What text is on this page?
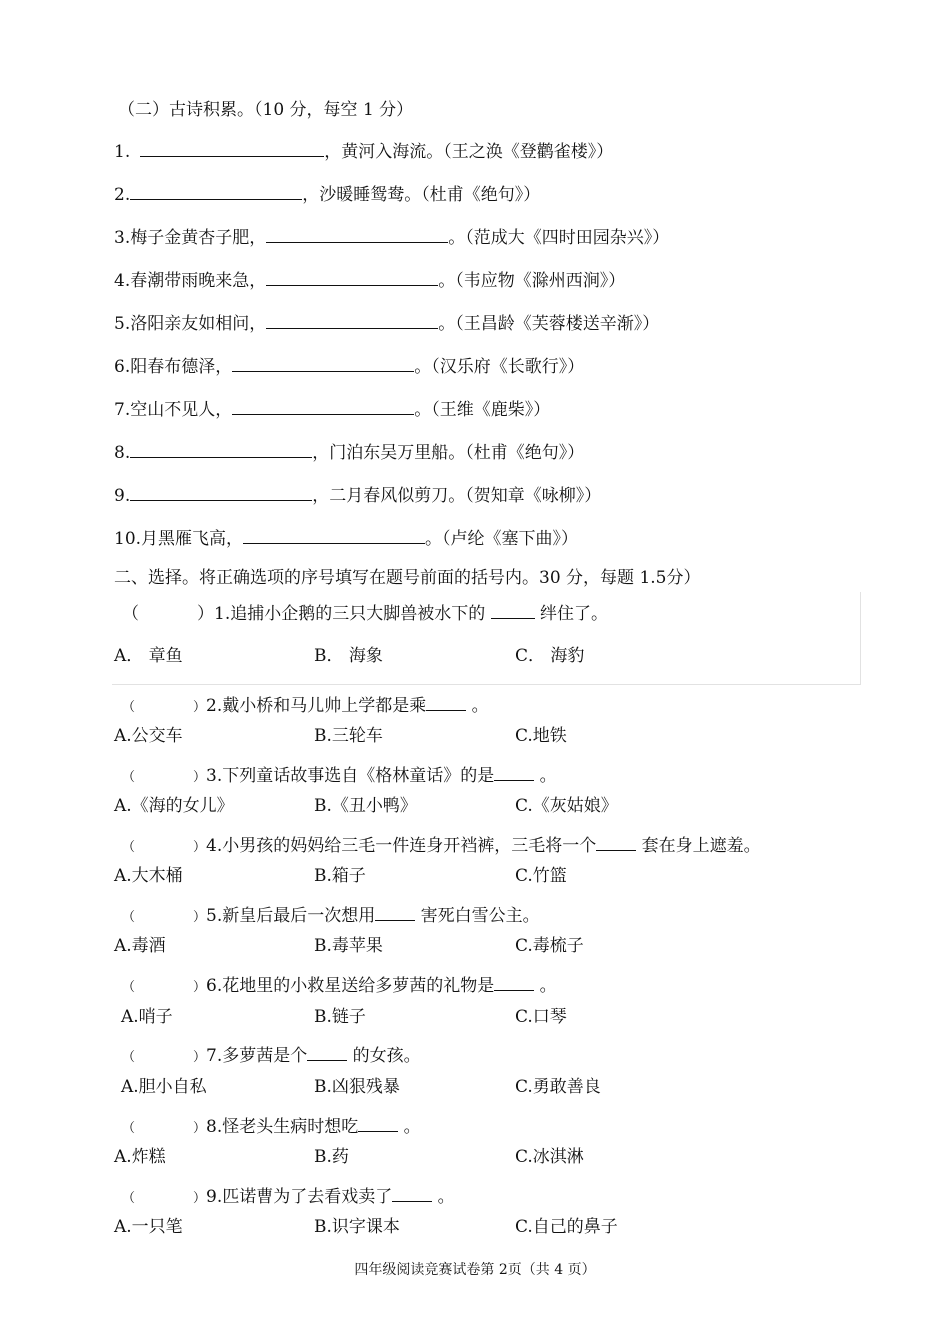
（二）古诗积累。（10 分，每空 1 分）
1.	，黄河入海流。（王之涣《登鹳雀楼》）
2.	，沙暖睡鸳鸯。（杜甫《绝句》）
3.梅子金黄杏子肥，	。（范成大《四时田园杂兴》）
4.春潮带雨晚来急，	。（韦应物《滁州西涧》）
5.洛阳亲友如相问，	。（王昌龄《芙蓉楼送辛渐》）
6.阳春布德泽，	。（汉乐府《长歌行》）
7.空山不见人，	。（王维《鹿柴》）
8.	，门泊东吴万里船。（杜甫《绝句》）
9.	，二月春风似剪刀。（贺知章《咏柳》）
10.月黑雁飞高，	。（卢纶《塞下曲》）
二、选择。将正确选项的序号填写在题号前面的括号内。30 分，每题 1.5分）
（	）1.追捕小企鹅的三只大脚兽被水下的	绊住了。
A． 章鱼	B． 海象	C． 海豹
（	）2.戴小桥和马儿帅上学都是乘 。
A.公交车	B.三轮车	C.地铁
（	）3.下列童话故事选自《格林童话》的是 。
A.《海的女儿》	B.《丑小鸭》	C.《灰姑娘》
（	）4.小男孩的妈妈给三毛一件连身开裆裤，三毛将一个 套在身上遮羞。
A.大木桶	B.箱子	C.竹篮
（	）5.新皇后最后一次想用 害死白雪公主。
A.毒酒	B.毒苹果	C.毒梳子
（	）6.花地里的小救星送给多萝茜的礼物是 。
A.哨子	B.链子	C.口琴
（	）7.多萝茜是个 的女孩。
A.胆小自私	B.凶狠残暴	C.勇敢善良
（	）8.怪老头生病时想吃 。
A.炸糕	B.药	C.冰淇淋
（	）9.匹诺曹为了去看戏卖了 。
A.一只笔	B.识字课本	C.自己的鼻子
四年级阅读竞赛试卷第 2页（共 4 页）
